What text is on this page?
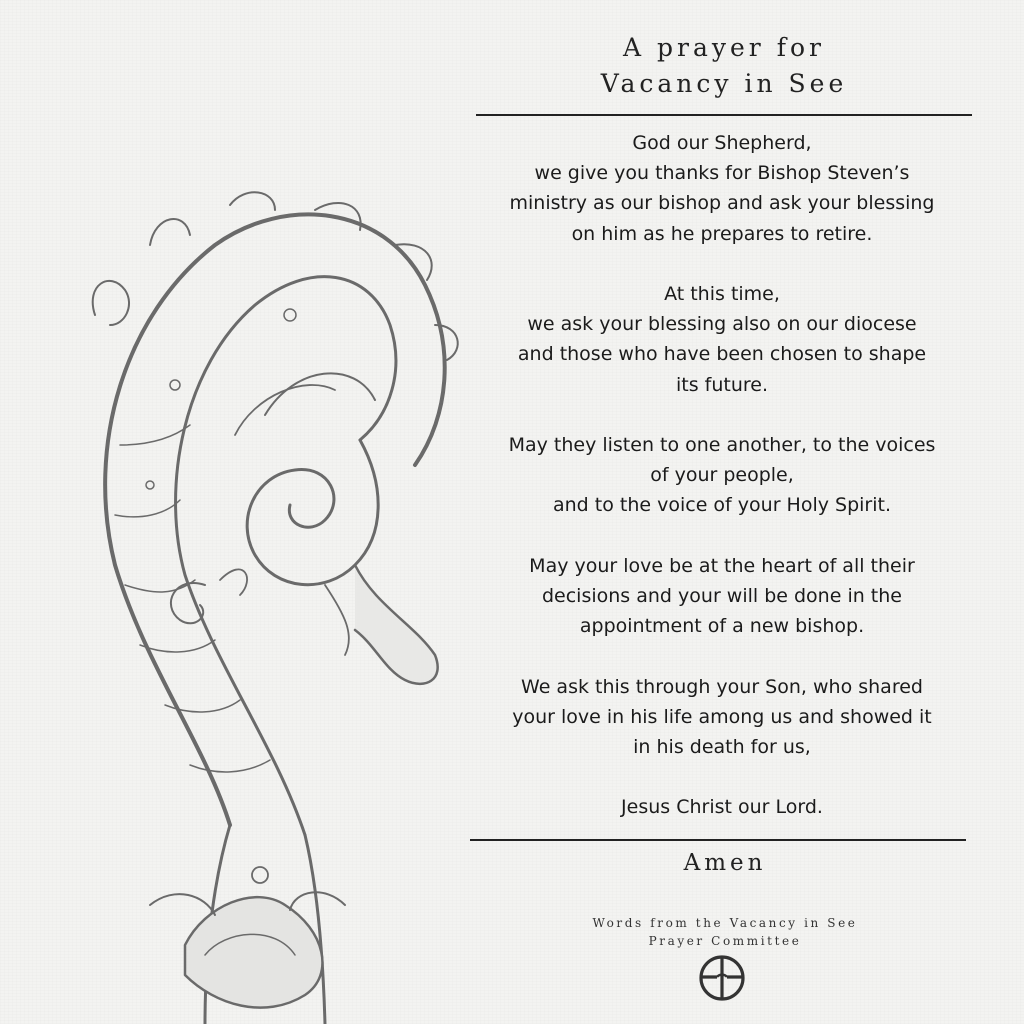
A prayer for
Vacancy in See

God our Shepherd,
we give you thanks for Bishop Steven’s
ministry as our bishop and ask your blessing
on him as he prepares to retire.

At this time,
we ask your blessing also on our diocese
and those who have been chosen to shape
its future.

May they listen to one another, to the voices
of your people,
and to the voice of your Holy Spirit.

May your love be at the heart of all their
decisions and your will be done in the
appointment of a new bishop.

We ask this through your Son, who shared
your love in his life among us and showed it
in his death for us,

Jesus Christ our Lord.

Amen
Words from the Vacancy in See
Prayer Committee
